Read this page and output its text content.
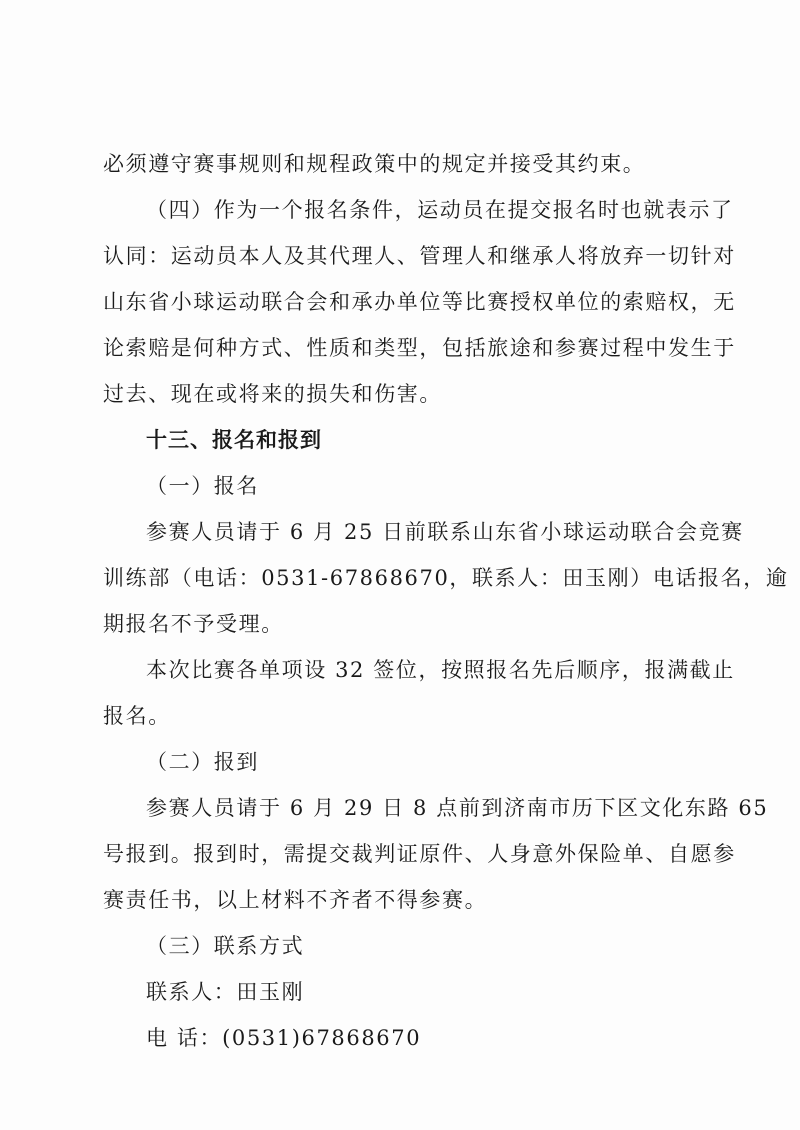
必须遵守赛事规则和规程政策中的规定并接受其约束。
（四）作为一个报名条件，运动员在提交报名时也就表示了
认同：运动员本人及其代理人、管理人和继承人将放弃一切针对
山东省小球运动联合会和承办单位等比赛授权单位的索赔权，无
论索赔是何种方式、性质和类型，包括旅途和参赛过程中发生于
过去、现在或将来的损失和伤害。
十三、报名和报到
（一）报名
参赛人员请于 6 月 25 日前联系山东省小球运动联合会竞赛
训练部（电话：0531-67868670，联系人：田玉刚）电话报名，逾
期报名不予受理。
本次比赛各单项设 32 签位，按照报名先后顺序，报满截止
报名。
（二）报到
参赛人员请于 6 月 29 日 8 点前到济南市历下区文化东路 65
号报到。报到时，需提交裁判证原件、人身意外保险单、自愿参
赛责任书，以上材料不齐者不得参赛。
（三）联系方式
联系人：田玉刚
电 话：(0531)67868670
